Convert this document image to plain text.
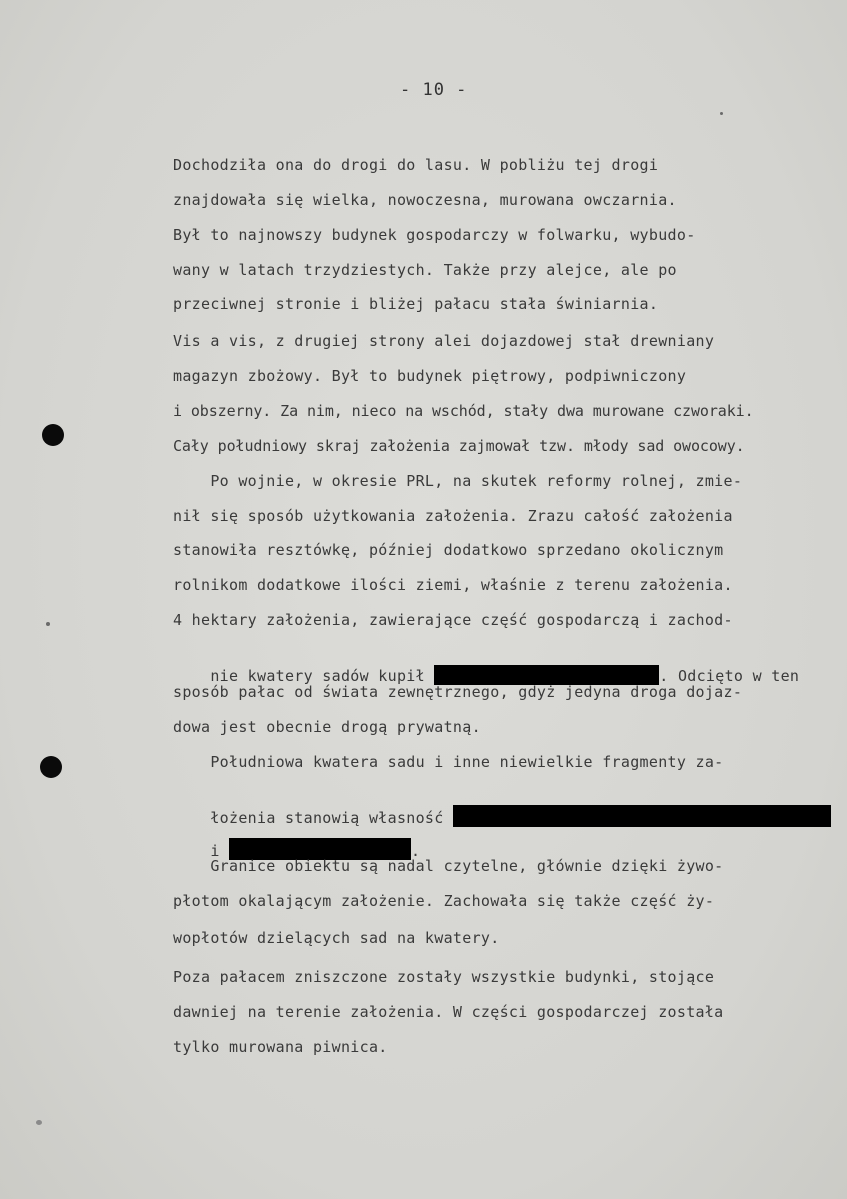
- 10 -
Dochodziła ona do drogi do lasu. W pobliżu tej drogi
znajdowała się wielka, nowoczesna, murowana owczarnia.
Był to najnowszy budynek gospodarczy w folwarku, wybudo-
wany w latach trzydziestych. Także przy alejce, ale po
przeciwnej stronie i bliżej pałacu stała świniarnia.
Vis a vis, z drugiej strony alei dojazdowej stał drewniany
magazyn zbożowy. Był to budynek piętrowy, podpiwniczony
i obszerny. Za nim, nieco na wschód, stały dwa murowane czworaki.
Cały południowy skraj założenia zajmował tzw. młody sad owocowy.
Po wojnie, w okresie PRL, na skutek reformy rolnej, zmie-
nił się sposób użytkowania założenia. Zrazu całość założenia
stanowiła resztówkę, później dodatkowo sprzedano okolicznym
rolnikom dodatkowe ilości ziemi, właśnie z terenu założenia.
4 hektary założenia, zawierające część gospodarczą i zachod-

nie kwatery sadów kupił	. Odcięto w ten

sposób pałac od świata zewnętrznego, gdyż jedyna droga dojaz-
dowa jest obecnie drogą prywatną.
Południowa kwatera sadu i inne niewielkie fragmenty za-

łożenia stanowią własność

i	.

Granice obiektu są nadal czytelne, głównie dzięki żywo-
płotom okalającym założenie. Zachowała się także część ży-
wopłotów dzielących sad na kwatery.
Poza pałacem zniszczone zostały wszystkie budynki, stojące
dawniej na terenie założenia. W części gospodarczej została
tylko murowana piwnica.
